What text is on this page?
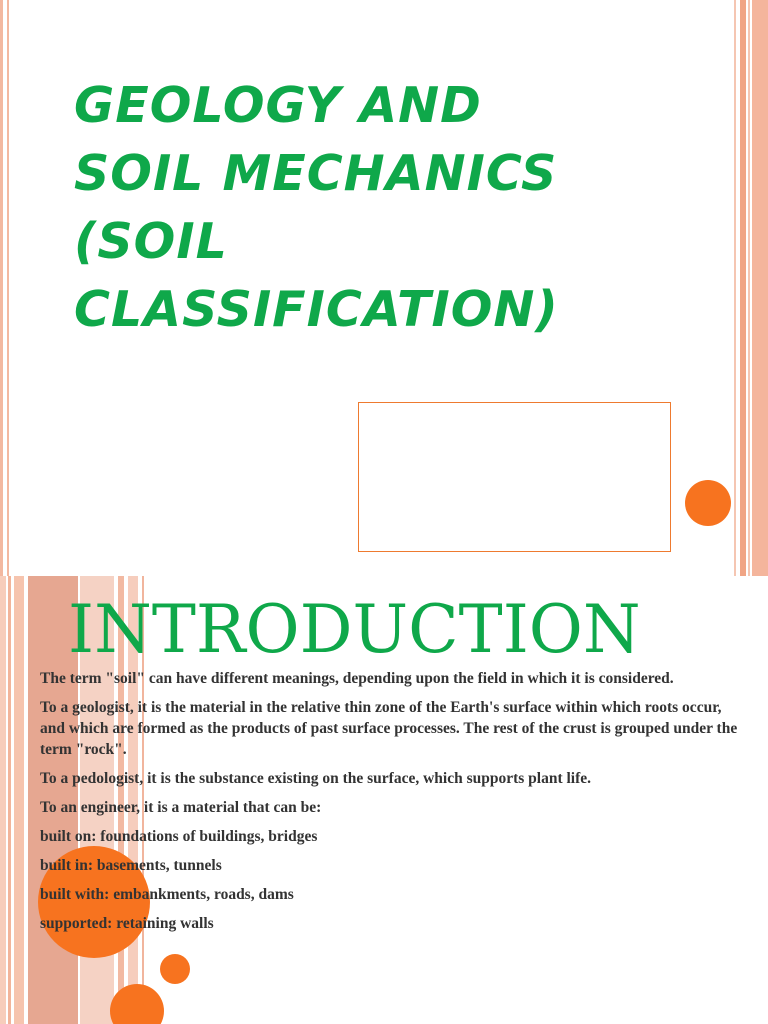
GEOLOGY AND
SOIL MECHANICS
(SOIL
CLASSIFICATION)
NEELIKSHA NEGI
B.TECH (CE)
3RD SEM
2016/070
INTRODUCTION

The term "soil" can have different meanings, depending upon the field in which it is considered.

To a geologist, it is the material in the relative thin zone of the Earth's surface within which roots occur, and which are formed as the products of past surface processes. The rest of the crust is grouped under the term "rock".

To a pedologist, it is the substance existing on the surface, which supports plant life.

To an engineer, it is a material that can be:

built on: foundations of buildings, bridges

built in: basements, tunnels

built with: embankments, roads, dams

supported: retaining walls
